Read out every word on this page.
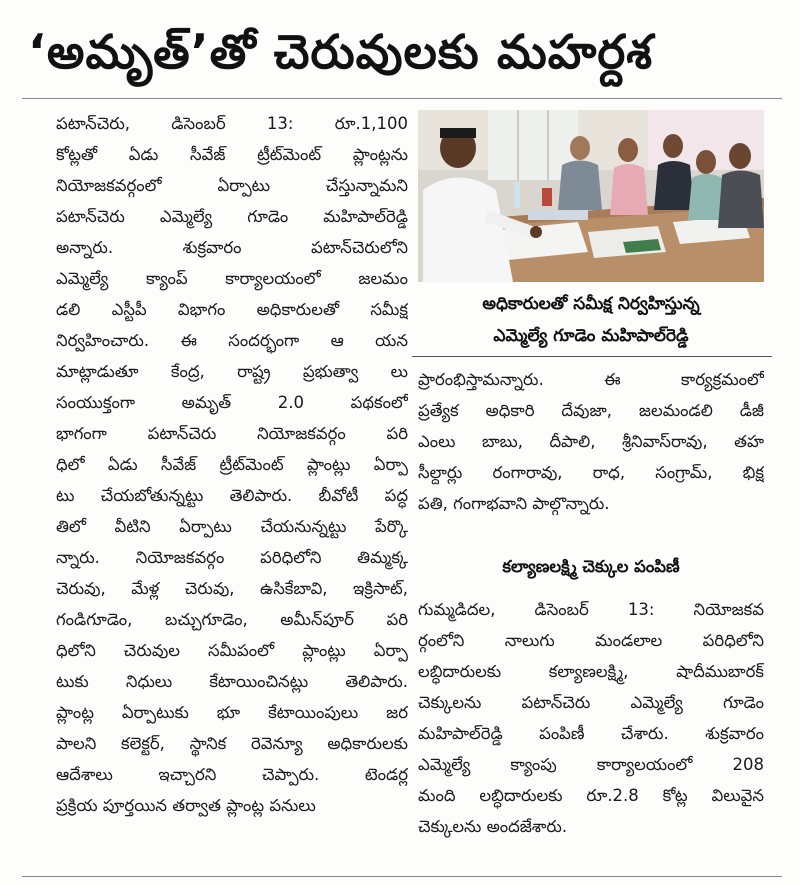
‘అమృత్’తో చెరువులకు మహర్దశ
పటాన్‌చెరు, డిసెంబర్ 13: రూ.1,100
కోట్లతో ఏడు సీవేజ్ ట్రీట్‌మెంట్ ప్లాంట్లను
నియోజకవర్గంలో ఏర్పాటు చేస్తున్నామని
పటాన్‌చెరు ఎమ్మెల్యే గూడెం మహిపాల్‌రెడ్డి
అన్నారు. శుక్రవారం పటాన్‌చెరులోని
ఎమ్మెల్యే క్యాంప్ కార్యాలయంలో జలమం
డలి ఎస్టీపీ విభాగం అధికారులతో సమీక్ష
నిర్వహించారు. ఈ సందర్భంగా ఆ యన
మాట్లాడుతూ కేంద్ర, రాష్ట్ర ప్రభుత్వా లు
సంయుక్తంగా అమృత్ 2.0 పథకంలో
భాగంగా పటాన్‌చెరు నియోజకవర్గం పరి
ధిలో ఏడు సీవేజ్ ట్రీట్‌మెంట్ ప్లాంట్లు ఏర్పా
టు చేయబోతున్నట్టు తెలిపారు. బీవోటీ పద్ధ
తిలో వీటిని ఏర్పాటు చేయనున్నట్టు పేర్కొ
న్నారు. నియోజకవర్గం పరిధిలోని తిమ్మక్క
చెరువు, మేళ్ల చెరువు, ఉసికేబావి, ఇక్రిసాట్,
గండిగూడెం, బచ్చుగూడెం, అమీన్‌పూర్ పరి
ధిలోని చెరువుల సమీపంలో ప్లాంట్లు ఏర్పా
టుకు నిధులు కేటాయించినట్లు తెలిపారు.
ప్లాంట్ల ఏర్పాటుకు భూ కేటాయింపులు జర
పాలని కలెక్టర్, స్థానిక రెవెన్యూ అధికారులకు
ఆదేశాలు ఇచ్చారని చెప్పారు. టెండర్ల
ప్రక్రియ పూర్తయిన తర్వాత ప్లాంట్ల పనులు
అధికారులతో సమీక్ష నిర్వహిస్తున్న
ఎమ్మెల్యే గూడెం మహిపాల్‌రెడ్డి
ప్రారంభిస్తామన్నారు. ఈ కార్యక్రమంలో
ప్రత్యేక అధికారి దేవుజా, జలమండలి డీజీ
ఎంలు బాబు, దీపాలి, శ్రీనివాస్‌రావు, తహ
సీల్దార్లు రంగారావు, రాధ, సంగ్రామ్, భిక్ష
పతి, గంగాభవాని పాల్గొన్నారు.
కల్యాణలక్ష్మి చెక్కుల పంపిణీ
గుమ్మడిదల, డిసెంబర్ 13: నియోజకవ
ర్గంలోని నాలుగు మండలాల పరిధిలోని
లబ్ధిదారులకు కల్యాణలక్ష్మి, షాదీముబారక్
చెక్కులను పటాన్‌చెరు ఎమ్మెల్యే గూడెం
మహిపాల్‌రెడ్డి పంపిణీ చేశారు. శుక్రవారం
ఎమ్మెల్యే క్యాంపు కార్యాలయంలో 208
మంది లబ్ధిదారులకు రూ.2.8 కోట్ల విలువైన
చెక్కులను అందజేశారు.
